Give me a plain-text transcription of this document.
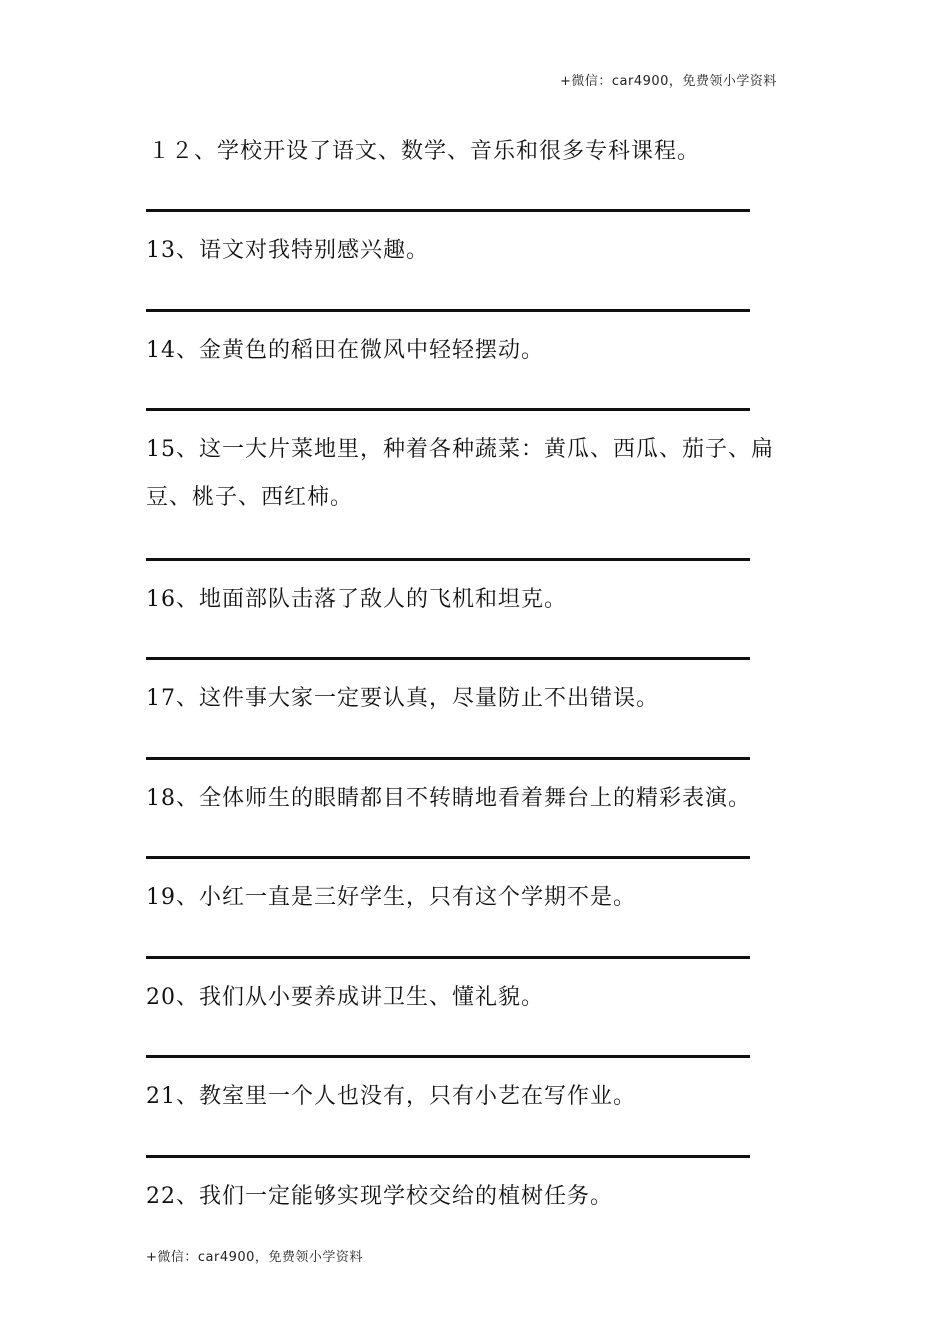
+微信：car4900，免费领小学资料
１２、学校开设了语文、数学、音乐和很多专科课程。
13、语文对我特别感兴趣。
14、金黄色的稻田在微风中轻轻摆动。
15、这一大片菜地里，种着各种蔬菜：黄瓜、西瓜、茄子、扁豆、桃子、西红柿。
16、地面部队击落了敌人的飞机和坦克。
17、这件事大家一定要认真，尽量防止不出错误。
18、全体师生的眼睛都目不转睛地看着舞台上的精彩表演。
19、小红一直是三好学生，只有这个学期不是。
20、我们从小要养成讲卫生、懂礼貌。
21、教室里一个人也没有，只有小艺在写作业。
22、我们一定能够实现学校交给的植树任务。
+微信：car4900，免费领小学资料
